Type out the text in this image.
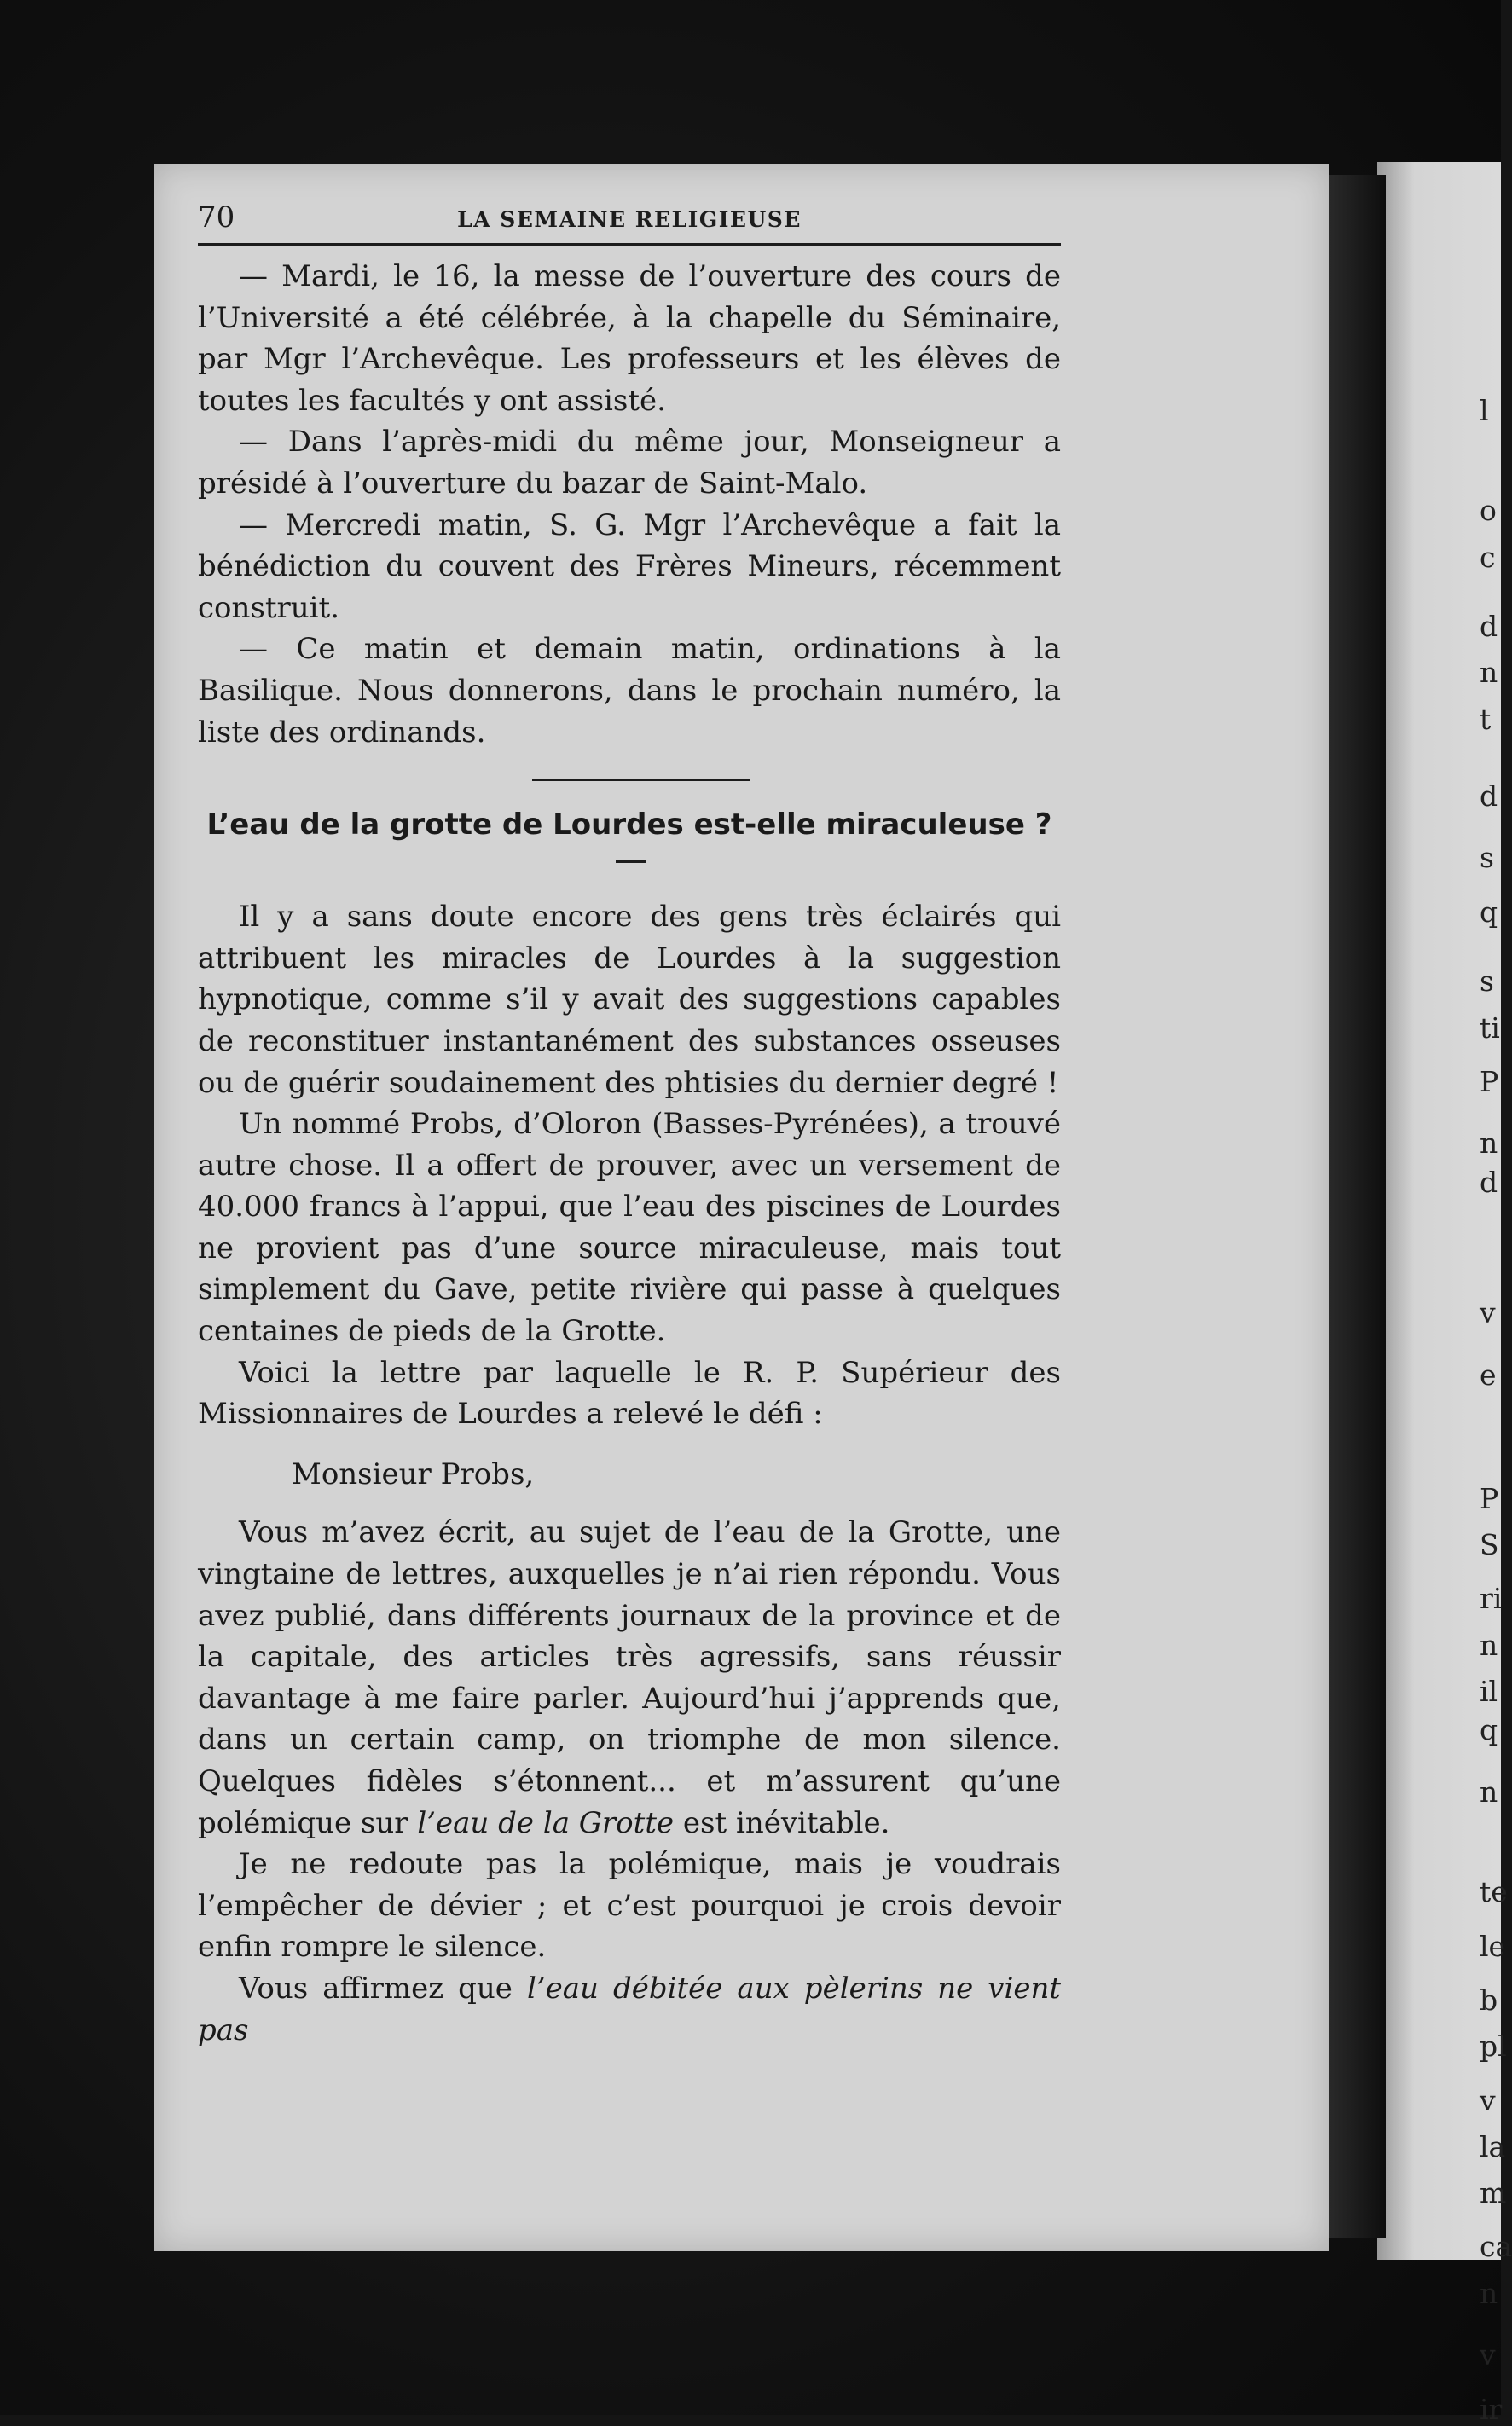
l
o
c
d
n
t
d
s
q
s
ti
P
n
d
v
e
P
S
ri
n
il
q
n
te
le
b
pl
v
la
m
ca
n
v
ir
70	LA SEMAINE RELIGIEUSE

— Mardi, le 16, la messe de l’ouverture des cours de l’Université a été célébrée, à la chapelle du Séminaire, par Mgr l’Archevêque. Les professeurs et les élèves de toutes les facultés y ont assisté.

— Dans l’après-midi du même jour, Monseigneur a présidé à l’ouverture du bazar de Saint-Malo.

— Mercredi matin, S. G. Mgr l’Archevêque a fait la bénédiction du couvent des Frères Mineurs, récemment construit.

— Ce matin et demain matin, ordinations à la Basilique. Nous donnerons, dans le prochain numéro, la liste des ordinands.

L’eau de la grotte de Lourdes est-elle miraculeuse ?

Il y a sans doute encore des gens très éclairés qui attribuent les miracles de Lourdes à la suggestion hypnotique, comme s’il y avait des suggestions capables de reconstituer instantanément des substances osseuses ou de guérir soudainement des phtisies du dernier degré !

Un nommé Probs, d’Oloron (Basses-Pyrénées), a trouvé autre chose. Il a offert de prouver, avec un versement de 40.000 francs à l’appui, que l’eau des piscines de Lourdes ne provient pas d’une source miraculeuse, mais tout simplement du Gave, petite rivière qui passe à quelques centaines de pieds de la Grotte.

Voici la lettre par laquelle le R. P. Supérieur des Missionnaires de Lourdes a relevé le défi :

Monsieur Probs,

Vous m’avez écrit, au sujet de l’eau de la Grotte, une vingtaine de lettres, auxquelles je n’ai rien répondu. Vous avez publié, dans différents journaux de la province et de la capitale, des articles très agressifs, sans réussir davantage à me faire parler. Aujourd’hui j’apprends que, dans un certain camp, on triomphe de mon silence. Quelques fidèles s’étonnent... et m’assurent qu’une polémique sur l’eau de la Grotte est inévitable.

Je ne redoute pas la polémique, mais je voudrais l’empêcher de dévier ; et c’est pourquoi je crois devoir enfin rompre le silence.

Vous affirmez que l’eau débitée aux pèlerins ne vient pas
